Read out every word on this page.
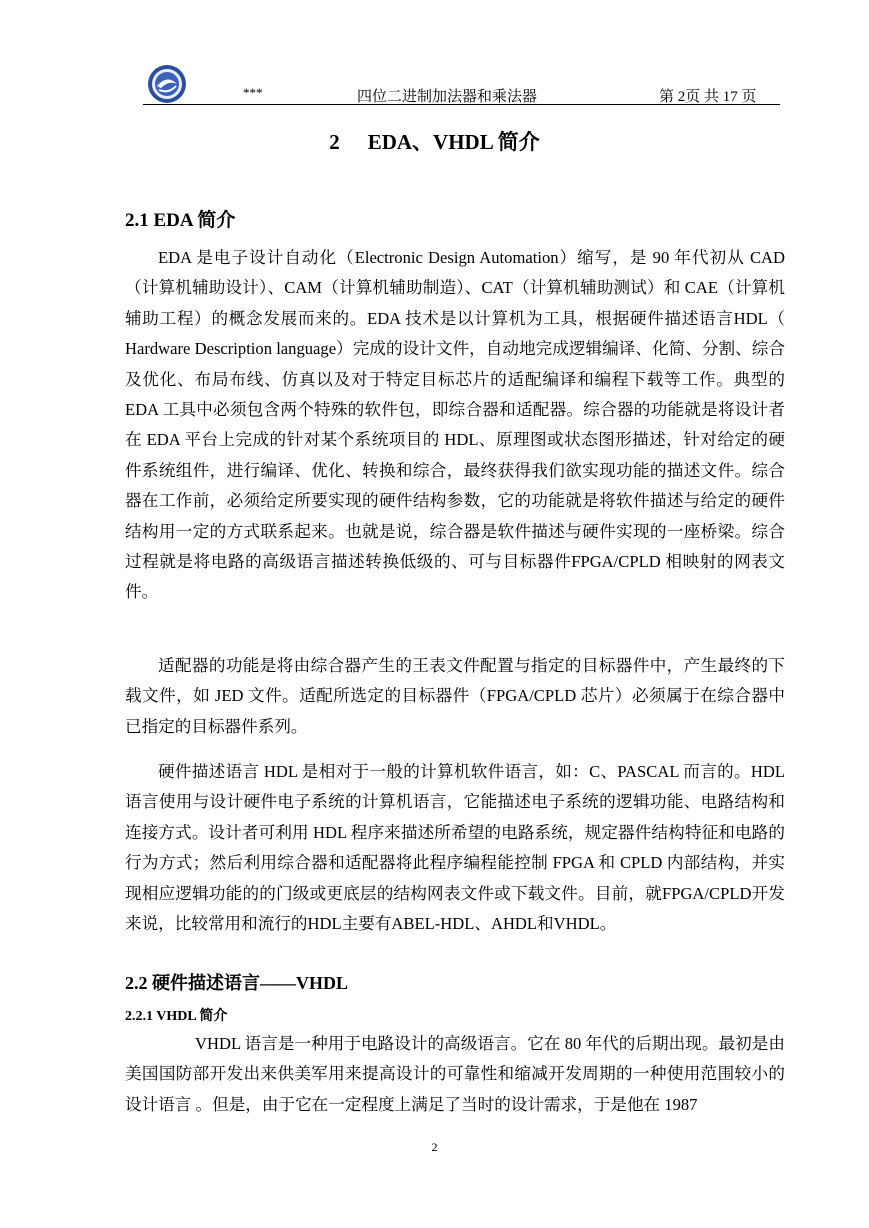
***	四位二进制加法器和乘法器	第 2页 共 17 页
2 EDA、VHDL 简介
2.1 EDA 简介
EDA 是电子设计自动化（Electronic Design Automation）缩写，是 90 年代初从 CAD（计算机辅助设计）、CAM（计算机辅助制造）、CAT（计算机辅助测试）和 CAE（计算机辅助工程）的概念发展而来的。EDA 技术是以计算机为工具，根据硬件描述语言HDL（ Hardware Description language）完成的设计文件，自动地完成逻辑编译、化简、分割、综合及优化、布局布线、仿真以及对于特定目标芯片的适配编译和编程下载等工作。典型的 EDA 工具中必须包含两个特殊的软件包，即综合器和适配器。综合器的功能就是将设计者在 EDA 平台上完成的针对某个系统项目的 HDL、原理图或状态图形描述，针对给定的硬件系统组件，进行编译、优化、转换和综合，最终获得我们欲实现功能的描述文件。综合器在工作前，必须给定所要实现的硬件结构参数，它的功能就是将软件描述与给定的硬件结构用一定的方式联系起来。也就是说，综合器是软件描述与硬件实现的一座桥梁。综合过程就是将电路的高级语言描述转换低级的、可与目标器件FPGA/CPLD 相映射的网表文件。
适配器的功能是将由综合器产生的王表文件配置与指定的目标器件中，产生最终的下载文件，如 JED 文件。适配所选定的目标器件（FPGA/CPLD 芯片）必须属于在综合器中已指定的目标器件系列。
硬件描述语言 HDL 是相对于一般的计算机软件语言，如：C、PASCAL 而言的。HDL 语言使用与设计硬件电子系统的计算机语言，它能描述电子系统的逻辑功能、电路结构和连接方式。设计者可利用 HDL 程序来描述所希望的电路系统，规定器件结构特征和电路的行为方式；然后利用综合器和适配器将此程序编程能控制 FPGA 和 CPLD 内部结构，并实现相应逻辑功能的的门级或更底层的结构网表文件或下载文件。目前，就FPGA/CPLD开发来说，比较常用和流行的HDL主要有ABEL-HDL、AHDL和VHDL。
2.2 硬件描述语言——VHDL
2.2.1 VHDL 简介
VHDL 语言是一种用于电路设计的高级语言。它在 80 年代的后期出现。最初是由美国国防部开发出来供美军用来提高设计的可靠性和缩减开发周期的一种使用范围较小的设计语言 。但是，由于它在一定程度上满足了当时的设计需求，于是他在 1987
2
